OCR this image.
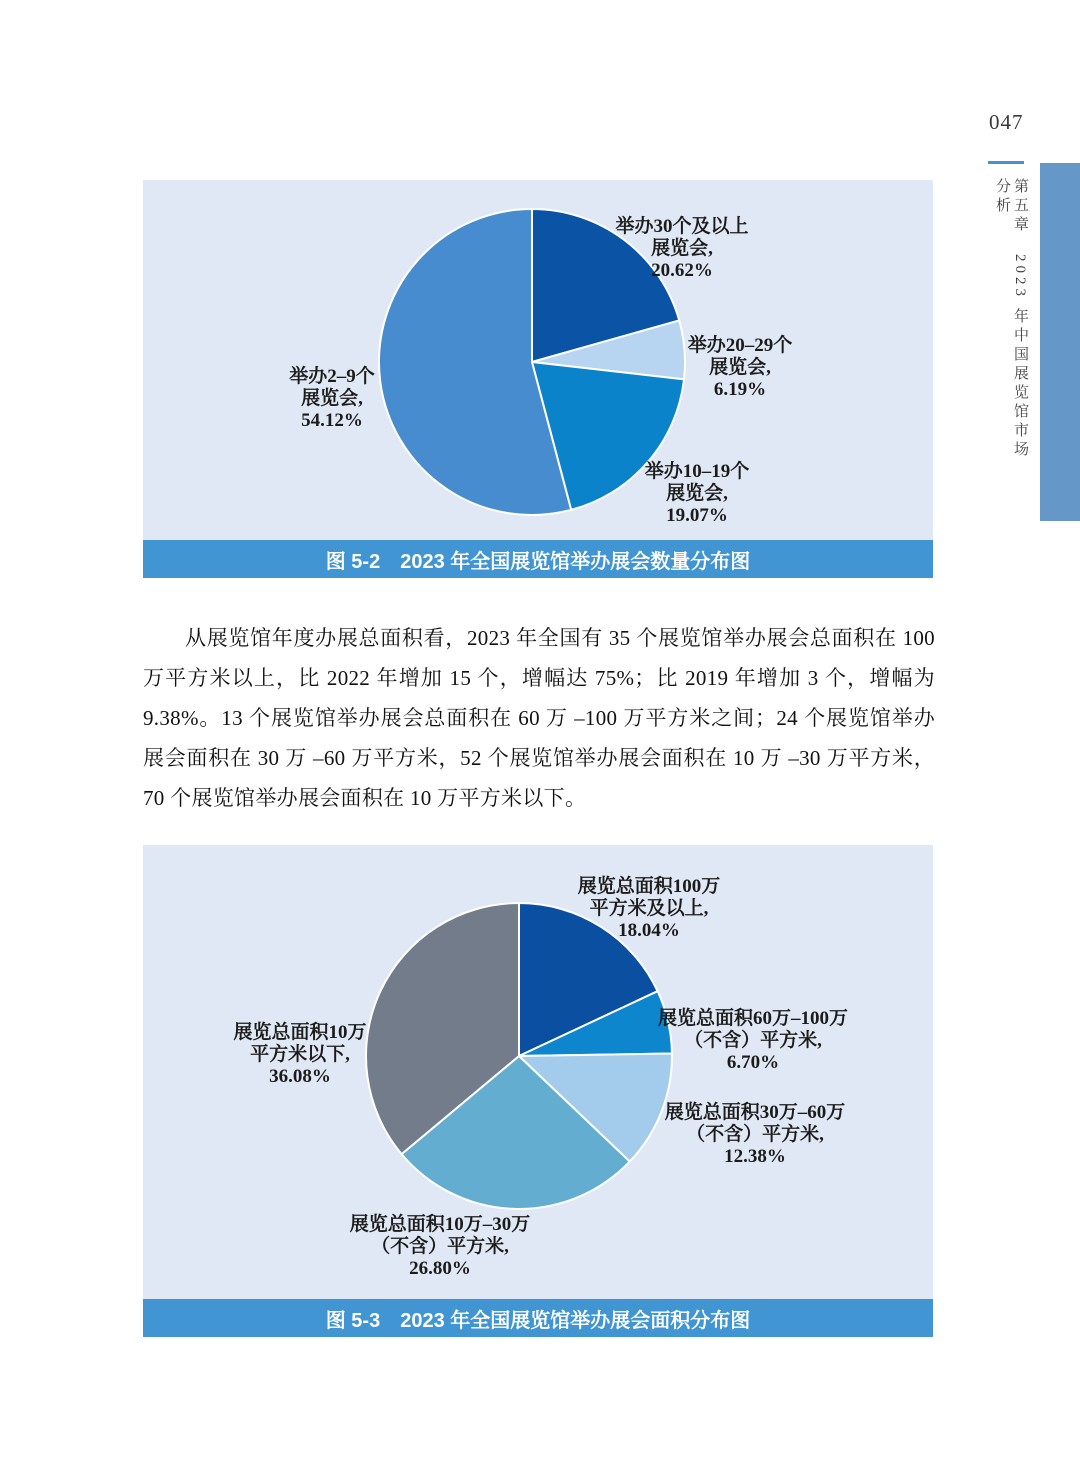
047
第五章　2023 年中国展览馆市场分析
举办30个及以上
展览会,
20.62%
举办20–29个
展览会,
6.19%
举办10–19个
展览会,
19.07%
举办2–9个
展览会,
54.12%
图 5-2 2023 年全国展览馆举办展会数量分布图
从展览馆年度办展总面积看，2023 年全国有 35 个展览馆举办展会总面积在 100 万平方米以上，比 2022 年增加 15 个，增幅达 75%；比 2019 年增加 3 个，增幅为 9.38%。13 个展览馆举办展会总面积在 60 万 –100 万平方米之间；24 个展览馆举办展会面积在 30 万 –60 万平方米，52 个展览馆举办展会面积在 10 万 –30 万平方米，70 个展览馆举办展会面积在 10 万平方米以下。
展览总面积100万
平方米及以上,
18.04%
展览总面积60万–100万
（不含）平方米,
6.70%
展览总面积30万–60万
（不含）平方米,
12.38%
展览总面积10万–30万
（不含）平方米,
26.80%
展览总面积10万
平方米以下,
36.08%
图 5-3 2023 年全国展览馆举办展会面积分布图
